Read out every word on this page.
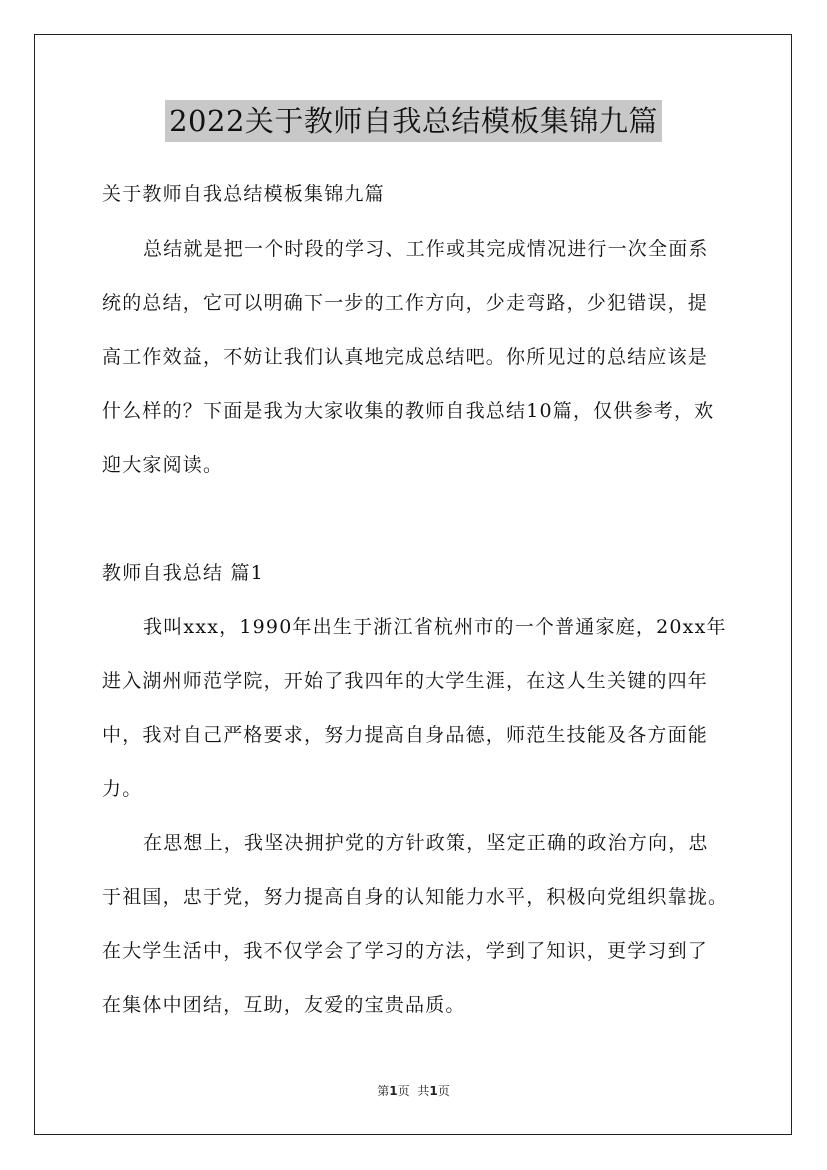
2022关于教师自我总结模板集锦九篇
关于教师自我总结模板集锦九篇
总结就是把一个时段的学习、工作或其完成情况进行一次全面系
统的总结，它可以明确下一步的工作方向，少走弯路，少犯错误，提
高工作效益，不妨让我们认真地完成总结吧。你所见过的总结应该是
什么样的？下面是我为大家收集的教师自我总结10篇，仅供参考，欢
迎大家阅读。
教师自我总结 篇1
我叫xxx，1990年出生于浙江省杭州市的一个普通家庭，20xx年
进入湖州师范学院，开始了我四年的大学生涯，在这人生关键的四年
中，我对自己严格要求，努力提高自身品德，师范生技能及各方面能
力。
在思想上，我坚决拥护党的方针政策，坚定正确的政治方向，忠
于祖国，忠于党，努力提高自身的认知能力水平，积极向党组织靠拢。
在大学生活中，我不仅学会了学习的方法，学到了知识，更学习到了
在集体中团结，互助，友爱的宝贵品质。
第1页 共1页
